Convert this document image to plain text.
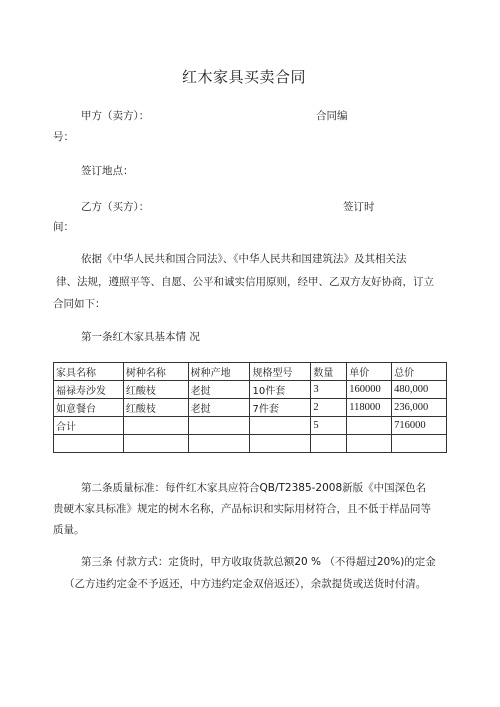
红木家具买卖合同
甲方（卖方）：	合同编
号：
签订地点：
乙方（买方）：	签订时
间：
依据《中华人民共和国合同法》、《中华人民共和国建筑法》及其相关法
律、法规，遵照平等、自愿、公平和诚实信用原则，经甲、乙双方友好协商，订立
合同如下：
第一条红木家具基本情 况
家具名称	树种名称	树种产地	规格型号	数量	单价	总价
福禄寿沙发	红酸枝	老挝	10件套	3	160000	480,000
如意餐台	红酸枝	老挝	7件套	2	118000	236,000
合计				5		716000

第二条质量标准：每件红木家具应符合QB/T2385-2008新版《中国深色名
贵硬木家具标准》规定的树木名称，产品标识和实际用材符合，且不低于样品同等
质量。
第三条 付款方式：定货时，甲方收取货款总额20 % （不得超过20%)的定金
（乙方违约定金不予返还，中方违约定金双倍返还），余款提货或送货时付清。
